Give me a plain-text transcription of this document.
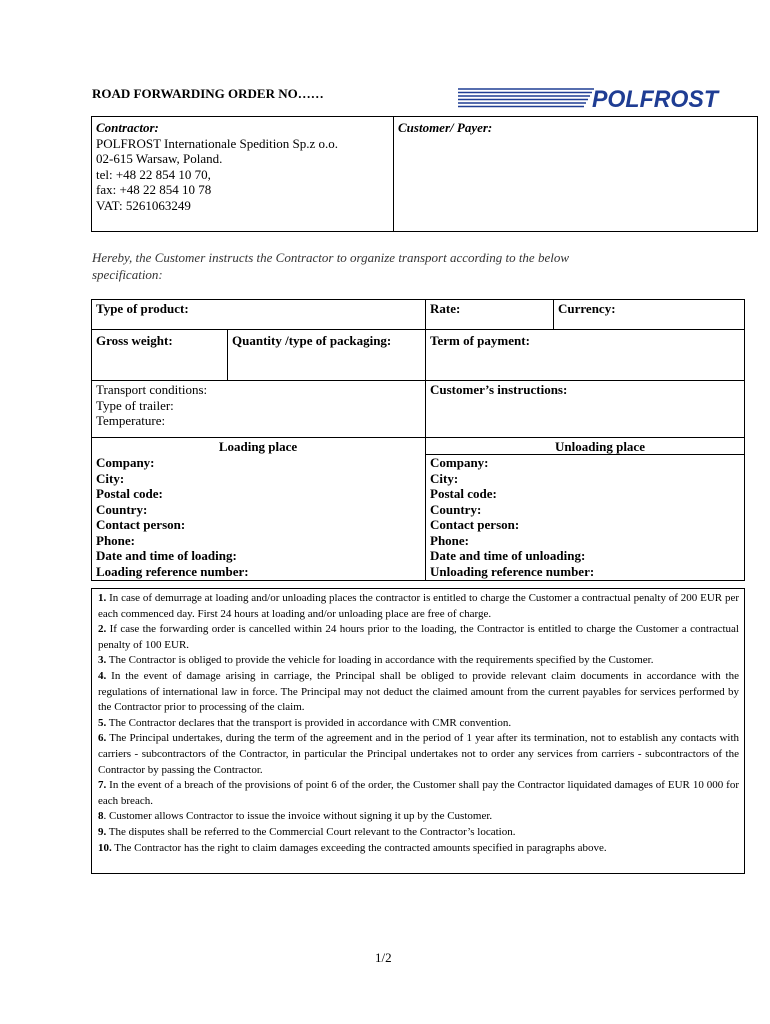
ROAD FORWARDING ORDER NO……	POLFROST
Contractor:
POLFROST Internationale Spedition Sp.z o.o.
02-615 Warsaw, Poland.
tel: +48 22 854 10 70,
fax: +48 22 854 10 78
VAT: 5261063249
Customer/ Payer:
Hereby, the Customer instructs the Contractor to organize transport according to the below specification:
Type of product:	Rate:	Currency:
Gross weight:	Quantity /type of packaging:	Term of payment:
Transport conditions:
Type of trailer:
Temperature:
Customer’s instructions:
Loading place
Company:
City:
Postal code:
Country:
Contact person:
Phone:
Date and time of loading:
Loading reference number:
Unloading place
Company:
City:
Postal code:
Country:
Contact person:
Phone:
Date and time of unloading:
Unloading reference number:

1. In case of demurrage at loading and/or unloading places the contractor is entitled to charge the Customer a contractual penalty of 200 EUR per each commenced day. First 24 hours at loading and/or unloading place are free of charge.

2. If case the forwarding order is cancelled within 24 hours prior to the loading, the Contractor is entitled to charge the Customer a contractual penalty of 100 EUR.

3. The Contractor is obliged to provide the vehicle for loading in accordance with the requirements specified by the Customer.

4. In the event of damage arising in carriage, the Principal shall be obliged to provide relevant claim documents in accordance with the regulations of international law in force. The Principal may not deduct the claimed amount from the current payables for services performed by the Contractor prior to processing of the claim.

5. The Contractor declares that the transport is provided in accordance with CMR convention.

6. The Principal undertakes, during the term of the agreement and in the period of 1 year after its termination, not to establish any contacts with carriers - subcontractors of the Contractor, in particular the Principal undertakes not to order any services from carriers - subcontractors of the Contractor by passing the Contractor.

7. In the event of a breach of the provisions of point 6 of the order, the Customer shall pay the Contractor liquidated damages of EUR 10 000 for each breach.

8. Customer allows Contractor to issue the invoice without signing it up by the Customer.

9. The disputes shall be referred to the Commercial Court relevant to the Contractor’s location.

10. The Contractor has the right to claim damages exceeding the contracted amounts specified in paragraphs above.

1/2
